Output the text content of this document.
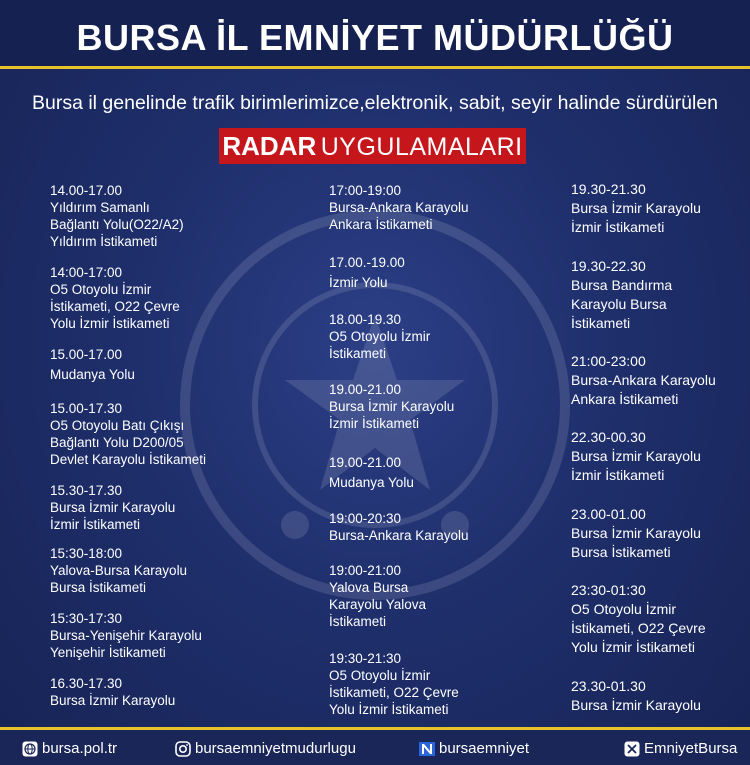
BURSA İL EMNİYET MÜDÜRLÜĞÜ
Bursa il genelinde trafik birimlerimizce,elektronik, sabit, seyir halinde sürdürülen
RADAR UYGULAMALARI
14.00-17.00
Yıldırım Samanlı
Bağlantı Yolu(O22/A2)
Yıldırım İstikameti
14:00-17:00
O5 Otoyolu İzmir
İstikameti, O22 Çevre
Yolu İzmir İstikameti
15.00-17.00
Mudanya Yolu
15.00-17.30
O5 Otoyolu Batı Çıkışı
Bağlantı Yolu D200/05
Devlet Karayolu İstikameti
15.30-17.30
Bursa İzmir Karayolu
İzmir İstikameti
15:30-18:00
Yalova-Bursa Karayolu
Bursa İstikameti
15:30-17:30
Bursa-Yenişehir Karayolu
Yenişehir İstikameti
16.30-17.30
Bursa İzmir Karayolu
17:00-19:00
Bursa-Ankara Karayolu
Ankara İstikameti
17.00.-19.00
İzmir Yolu
18.00-19.30
O5 Otoyolu İzmir
İstikameti
19.00-21.00
Bursa İzmir Karayolu
İzmir İstikameti
19.00-21.00
Mudanya Yolu
19:00-20:30
Bursa-Ankara Karayolu
19:00-21:00
Yalova Bursa
Karayolu Yalova
İstikameti
19:30-21:30
O5 Otoyolu İzmir
İstikameti, O22 Çevre
Yolu İzmir İstikameti
19.30-21.30
Bursa İzmir Karayolu
İzmir İstikameti
19.30-22.30
Bursa Bandırma
Karayolu Bursa
İstikameti
21:00-23:00
Bursa-Ankara Karayolu
Ankara İstikameti
22.30-00.30
Bursa İzmir Karayolu
İzmir İstikameti
23.00-01.00
Bursa İzmir Karayolu
Bursa İstikameti
23:30-01:30
O5 Otoyolu İzmir
İstikameti, O22 Çevre
Yolu İzmir İstikameti
23.30-01.30
Bursa İzmir Karayolu
bursa.pol.tr	bursaemniyetmudurlugu	bursaemniyet	EmniyetBursa
